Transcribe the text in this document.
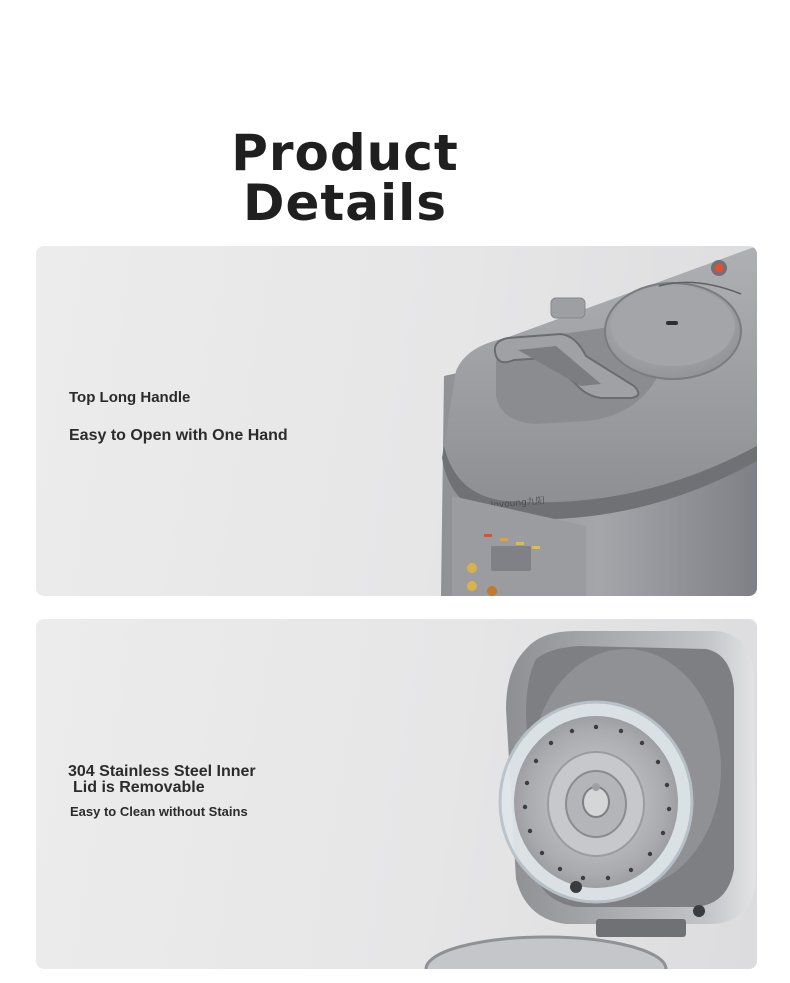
Product
Details
Top Long Handle
Easy to Open with One Hand
Joyoung九阳
304 Stainless Steel Inner
Lid is Removable
Easy to Clean without Stains
